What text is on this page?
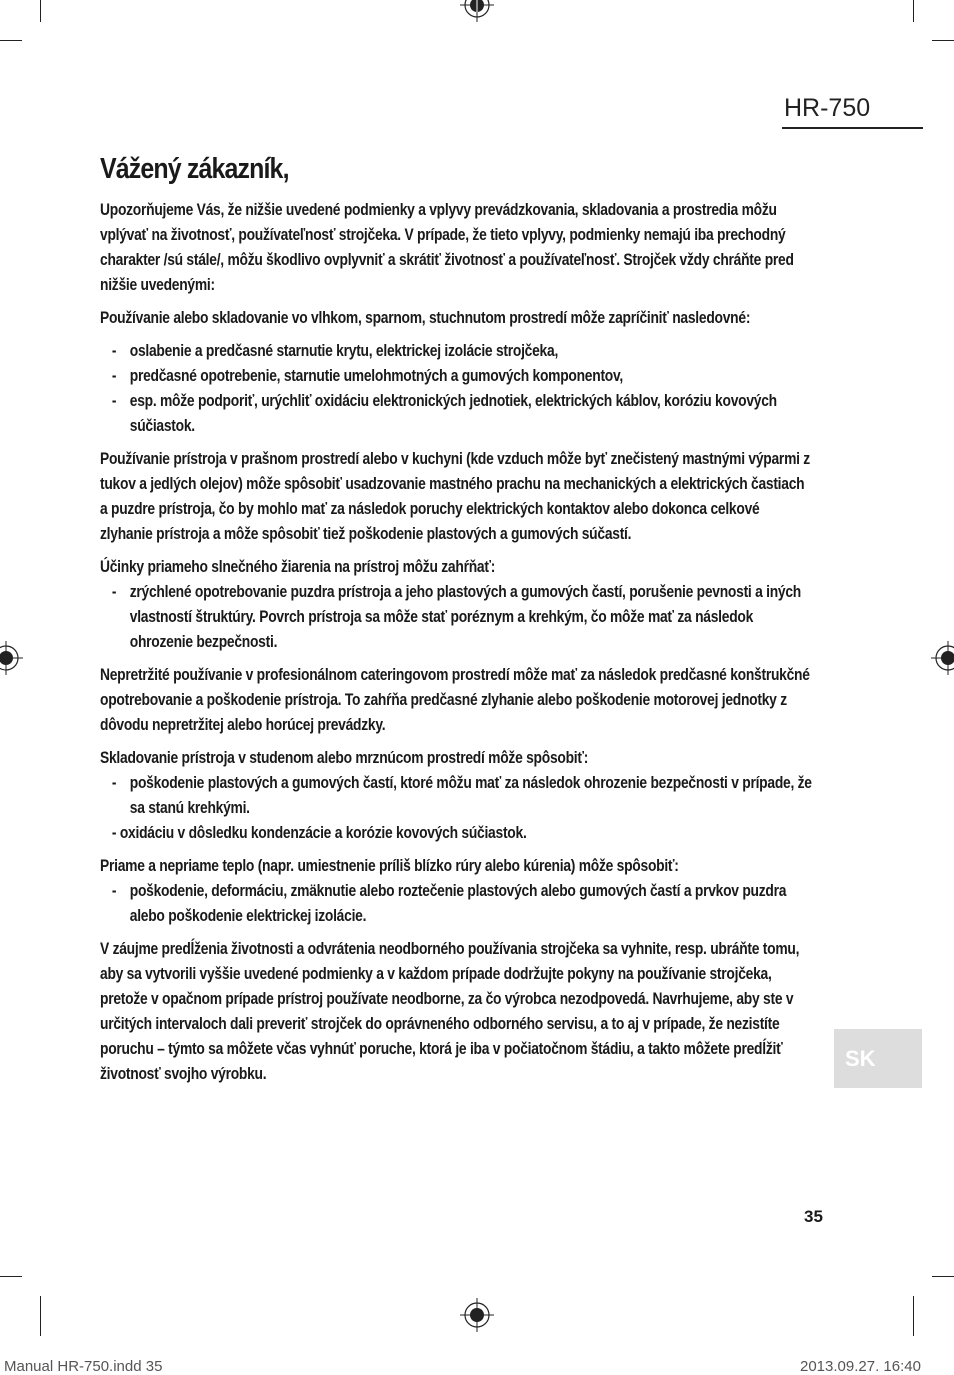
HR-750
Vážený zákazník,

Upozorňujeme Vás, že nižšie uvedené podmienky a vplyvy prevádzkovania, skladovania a prostredia môžu vplývať na životnosť, používateľnosť strojčeka. V prípade, že tieto vplyvy, podmienky nemajú iba prechodný charakter /sú stále/, môžu škodlivo ovplyvniť a skrátiť životnosť a používateľnosť. Strojček vždy chráňte pred nižšie uvedenými:

Používanie alebo skladovanie vo vlhkom, sparnom, stuchnutom prostredí môže zapríčiniť nasledovné:

- oslabenie a predčasné starnutie krytu, elektrickej izolácie strojčeka,
- predčasné opotrebenie, starnutie umelohmotných a gumových komponentov,
- esp. môže podporiť, urýchliť oxidáciu elektronických jednotiek, elektrických káblov, koróziu kovových súčiastok.

Používanie prístroja v prašnom prostredí alebo v kuchyni (kde vzduch môže byť znečistený mastnými výparmi z tukov a jedlých olejov) môže spôsobiť usadzovanie mastného prachu na mechanických a elektrických častiach a puzdre prístroja, čo by mohlo mať za následok poruchy elektrických kontaktov alebo dokonca celkové zlyhanie prístroja a môže spôsobiť tiež poškodenie plastových a gumových súčastí.

Účinky priameho slnečného žiarenia na prístroj môžu zahŕňať:

- zrýchlené opotrebovanie puzdra prístroja a jeho plastových a gumových častí, porušenie pevnosti a iných vlastností štruktúry. Povrch prístroja sa môže stať poréznym a krehkým, čo môže mať za následok ohrozenie bezpečnosti.

Nepretržité používanie v profesionálnom cateringovom prostredí môže mať za následok predčasné konštrukčné opotrebovanie a poškodenie prístroja. To zahŕňa predčasné zlyhanie alebo poškodenie motorovej jednotky z dôvodu nepretržitej alebo horúcej prevádzky.

Skladovanie prístroja v studenom alebo mrznúcom prostredí môže spôsobiť:

- poškodenie plastových a gumových častí, ktoré môžu mať za následok ohrozenie bezpečnosti v prípade, že sa stanú krehkými.
- oxidáciu v dôsledku kondenzácie a korózie kovových súčiastok.

Priame a nepriame teplo (napr. umiestnenie príliš blízko rúry alebo kúrenia) môže spôsobiť:

- poškodenie, deformáciu, zmäknutie alebo roztečenie plastových alebo gumových častí a prvkov puzdra alebo poškodenie elektrickej izolácie.

V záujme predĺženia životnosti a odvrátenia neodborného používania strojčeka sa vyhnite, resp. ubráňte tomu, aby sa vytvorili vyššie uvedené podmienky a v každom prípade dodržujte pokyny na používanie strojčeka, pretože v opačnom prípade prístroj používate neodborne, za čo výrobca nezodpovedá. Navrhujeme, aby ste v určitých intervaloch dali preveriť strojček do oprávneného odborného servisu, a to aj v prípade, že nezistíte poruchu – týmto sa môžete včas vyhnúť poruche, ktorá je iba v počiatočnom štádiu, a takto môžete predĺžiť životnosť svojho výrobku.

SK
35
Manual HR-750.indd 35	2013.09.27. 16:40
